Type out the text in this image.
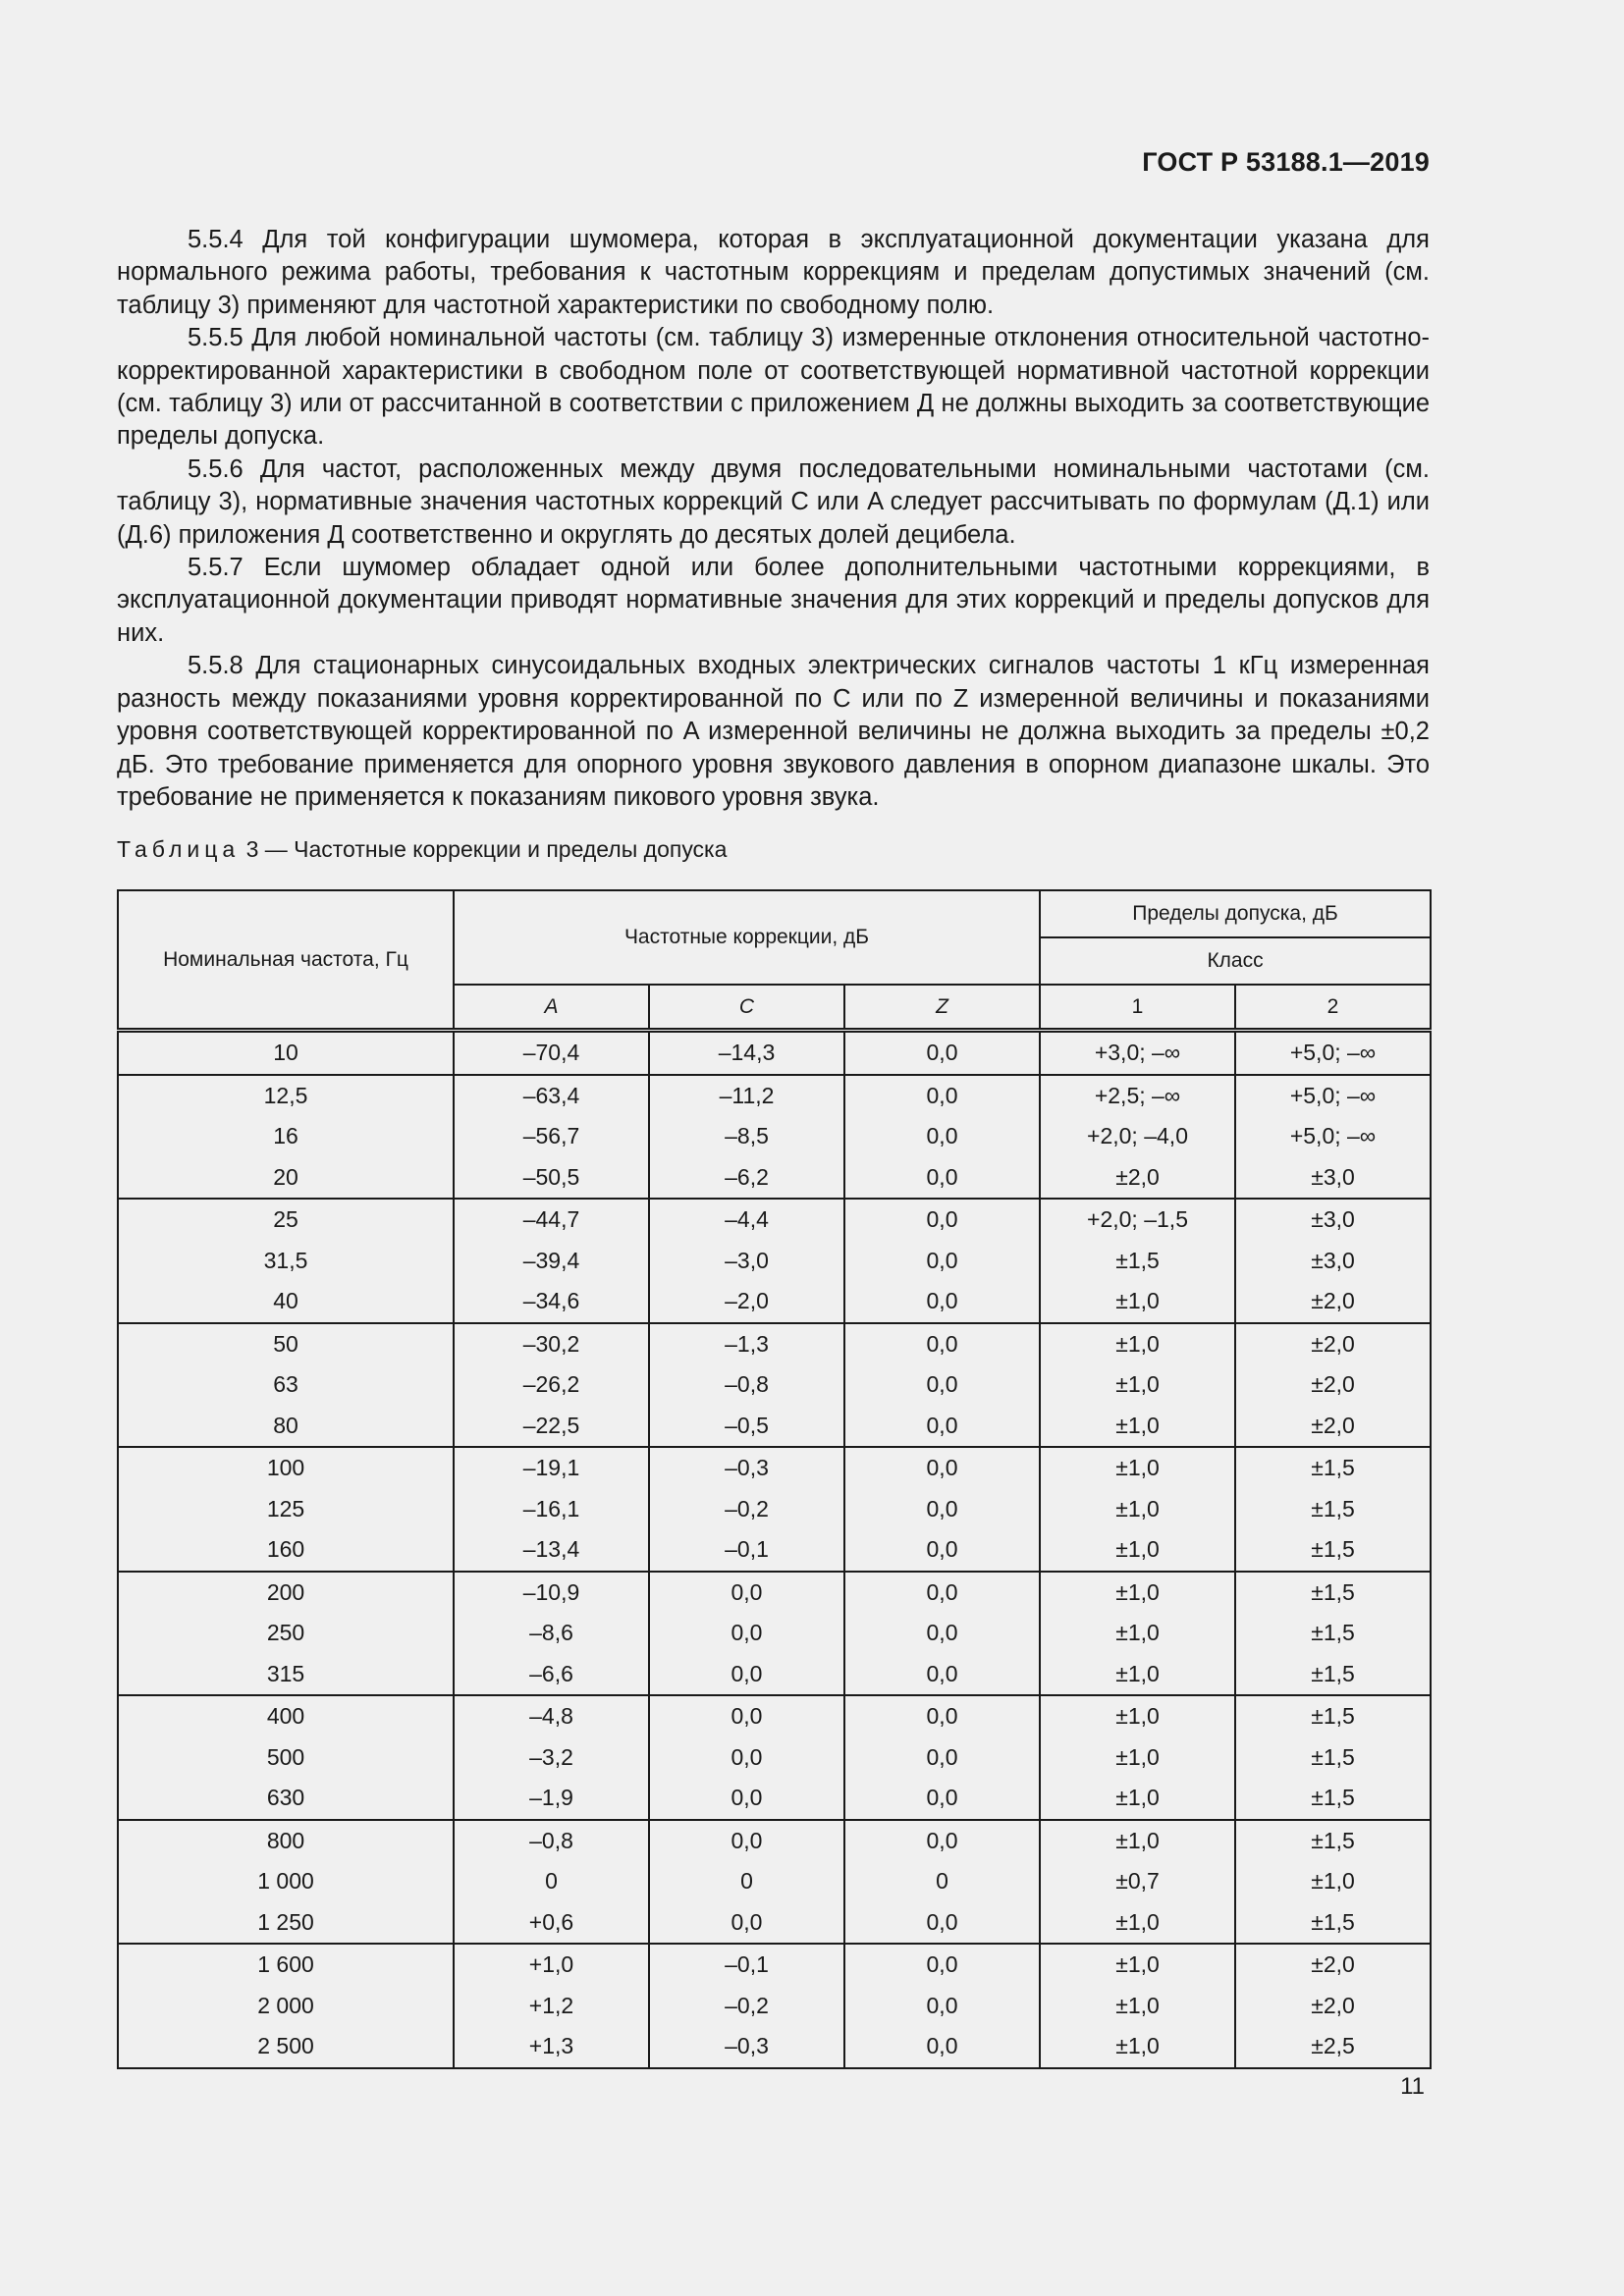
ГОСТ Р 53188.1—2019

5.5.4 Для той конфигурации шумомера, которая в эксплуатационной документации указана для нормального режима работы, требования к частотным коррекциям и пределам допустимых значений (см. таблицу 3) применяют для частотной характеристики по свободному полю.

5.5.5 Для любой номинальной частоты (см. таблицу 3) измеренные отклонения относительной частотно-корректированной характеристики в свободном поле от соответствующей нормативной частотной коррекции (см. таблицу 3) или от рассчитанной в соответствии с приложением Д не должны выходить за соответствующие пределы допуска.

5.5.6 Для частот, расположенных между двумя последовательными номинальными частотами (см. таблицу 3), нормативные значения частотных коррекций C или A следует рассчитывать по формулам (Д.1) или (Д.6) приложения Д соответственно и округлять до десятых долей децибела.

5.5.7 Если шумомер обладает одной или более дополнительными частотными коррекциями, в эксплуатационной документации приводят нормативные значения для этих коррекций и пределы допусков для них.

5.5.8 Для стационарных синусоидальных входных электрических сигналов частоты 1 кГц измеренная разность между показаниями уровня корректированной по C или по Z измеренной величины и показаниями уровня соответствующей корректированной по A измеренной величины не должна выходить за пределы ±0,2 дБ. Это требование применяется для опорного уровня звукового давления в опорном диапазоне шкалы. Это требование не применяется к показаниям пикового уровня звука.

Таблица 3 — Частотные коррекции и пределы допуска
Номинальная частота, Гц	Частотные коррекции, дБ			Пределы допуска, дБ	
				Класс	
	A	C	Z	1	2
10	–70,4	–14,3	0,0	+3,0; –∞	+5,0; –∞
12,5	–63,4	–11,2	0,0	+2,5; –∞	+5,0; –∞
16	–56,7	–8,5	0,0	+2,0; –4,0	+5,0; –∞
20	–50,5	–6,2	0,0	±2,0	±3,0
25	–44,7	–4,4	0,0	+2,0; –1,5	±3,0
31,5	–39,4	–3,0	0,0	±1,5	±3,0
40	–34,6	–2,0	0,0	±1,0	±2,0
50	–30,2	–1,3	0,0	±1,0	±2,0
63	–26,2	–0,8	0,0	±1,0	±2,0
80	–22,5	–0,5	0,0	±1,0	±2,0
100	–19,1	–0,3	0,0	±1,0	±1,5
125	–16,1	–0,2	0,0	±1,0	±1,5
160	–13,4	–0,1	0,0	±1,0	±1,5
200	–10,9	0,0	0,0	±1,0	±1,5
250	–8,6	0,0	0,0	±1,0	±1,5
315	–6,6	0,0	0,0	±1,0	±1,5
400	–4,8	0,0	0,0	±1,0	±1,5
500	–3,2	0,0	0,0	±1,0	±1,5
630	–1,9	0,0	0,0	±1,0	±1,5
800	–0,8	0,0	0,0	±1,0	±1,5
1 000	0	0	0	±0,7	±1,0
1 250	+0,6	0,0	0,0	±1,0	±1,5
1 600	+1,0	–0,1	0,0	±1,0	±2,0
2 000	+1,2	–0,2	0,0	±1,0	±2,0
2 500	+1,3	–0,3	0,0	±1,0	±2,5
11
